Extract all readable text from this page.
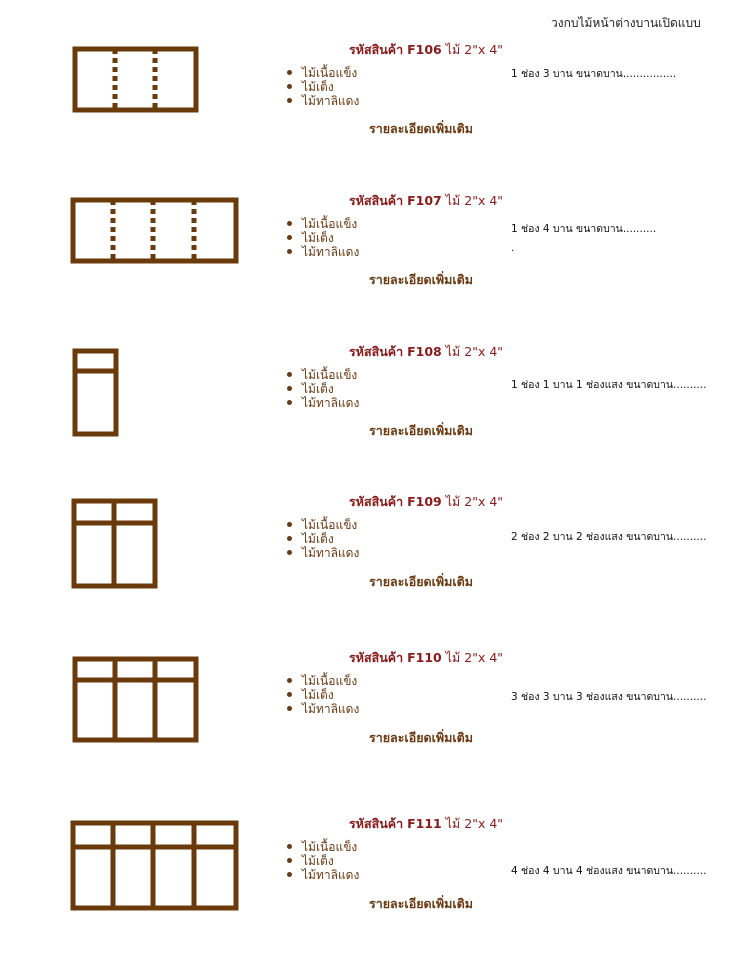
วงกบไม้หน้าต่างบานเปิดแบบ
รหัสสินค้า F106 ไม้ 2"x 4"
ไม้เนื้อแข็ง
ไม้เต็ง
ไม้ทาลิแดง
รายละเอียดเพิ่มเติม
1 ช่อง 3 บาน ขนาดบาน................
รหัสสินค้า F107 ไม้ 2"x 4"
ไม้เนื้อแข็ง
ไม้เต็ง
ไม้ทาลิแดง
รายละเอียดเพิ่มเติม
1 ช่อง 4 บาน ขนาดบาน..........
.
รหัสสินค้า F108 ไม้ 2"x 4"
ไม้เนื้อแข็ง
ไม้เต็ง
ไม้ทาลิแดง
รายละเอียดเพิ่มเติม
1 ช่อง 1 บาน 1 ช่องแสง ขนาดบาน..........
รหัสสินค้า F109 ไม้ 2"x 4"
ไม้เนื้อแข็ง
ไม้เต็ง
ไม้ทาลิแดง
รายละเอียดเพิ่มเติม
2 ช่อง 2 บาน 2 ช่องแสง ขนาดบาน..........
รหัสสินค้า F110 ไม้ 2"x 4"
ไม้เนื้อแข็ง
ไม้เต็ง
ไม้ทาลิแดง
รายละเอียดเพิ่มเติม
3 ช่อง 3 บาน 3 ช่องแสง ขนาดบาน..........
รหัสสินค้า F111 ไม้ 2"x 4"
ไม้เนื้อแข็ง
ไม้เต็ง
ไม้ทาลิแดง
รายละเอียดเพิ่มเติม
4 ช่อง 4 บาน 4 ช่องแสง ขนาดบาน..........
